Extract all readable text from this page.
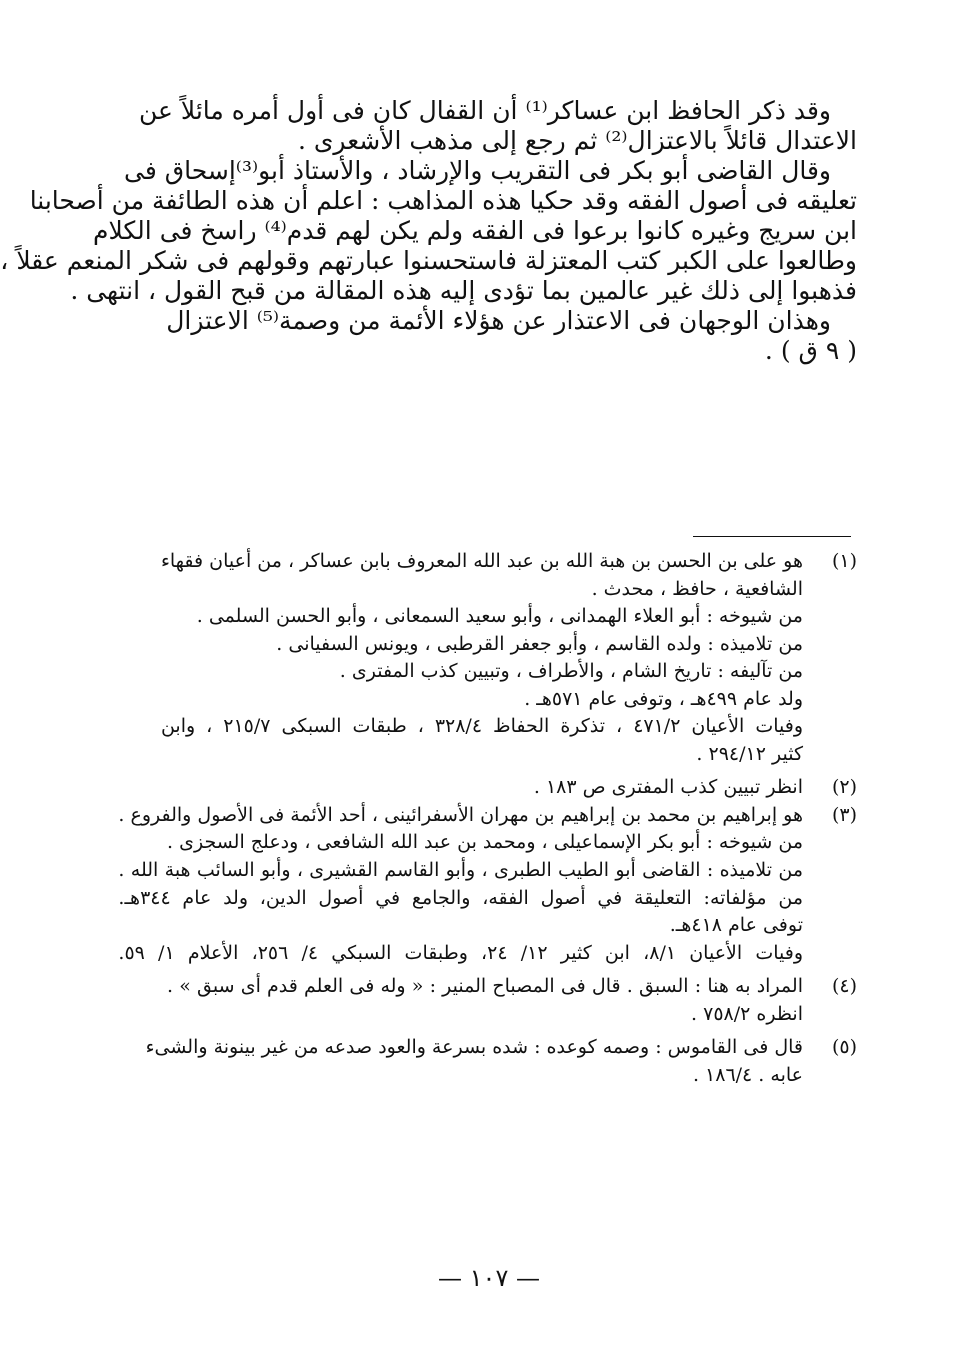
وقد ذكر الحافظ ابن عساكر⁽¹⁾ أن القفال كان فى أول أمره مائلاً عن
الاعتدال قائلاً بالاعتزال⁽²⁾ ثم رجع إلى مذهب الأشعرى .
وقال القاضى أبو بكر فى التقريب والإرشاد ، والأستاذ أبو⁽³⁾إسحاق فى
تعليقه فى أصول الفقه وقد حكيا هذه المذاهب : اعلم أن هذه الطائفة من أصحابنا
ابن سريج وغيره كانوا برعوا فى الفقه ولم يكن لهم قدم⁽⁴⁾ راسخ فى الكلام
وطالعوا على الكبر كتب المعتزلة فاستحسنوا عبارتهم وقولهم فى شكر المنعم عقلاً ،
فذهبوا إلى ذلك غير عالمين بما تؤدى إليه هذه المقالة من قبح القول ، انتهى .
وهذان الوجهان فى الاعتذار عن هؤلاء الأئمة من وصمة⁽⁵⁾ الاعتزال
( ٩ ق ) .
(١)
هو على بن الحسن بن هبة الله بن عبد الله المعروف بابن عساكر ، من أعيان فقهاء
الشافعية ، حافظ ، محدث .
من شيوخه : أبو العلاء الهمدانى ، وأبو سعيد السمعانى ، وأبو الحسن السلمى .
من تلاميذه : ولده القاسم ، وأبو جعفر القرطبى ، ويونس السفيانى .
من تآليفه : تاريخ الشام ، والأطراف ، وتبيين كذب المفترى .
ولد عام ٤٩٩هـ ، وتوفى عام ٥٧١هـ .
وفيات الأعيان ٤٧١/٢ ، تذكرة الحفاظ ٣٢٨/٤ ، طبقات السبكى ٢١٥/٧ ، وابن
كثير ٢٩٤/١٢ .
(٢)
انظر تبيين كذب المفترى ص ١٨٣ .
(٣)
هو إبراهيم بن محمد بن إبراهيم بن مهران الأسفرائينى ، أحد الأئمة فى الأصول والفروع .
من شيوخه : أبو بكر الإسماعيلى ، ومحمد بن عبد الله الشافعى ، ودعلج السجزى .
من تلاميذه : القاضى أبو الطيب الطبرى ، وأبو القاسم القشيرى ، وأبو السائب هبة الله .
من مؤلفاته: التعليقة في أصول الفقه، والجامع في أصول الدين، ولد عام ٣٤٤هـ.
توفى عام ٤١٨هـ.
وفيات الأعيان ٨/١، ابن كثير ١٢/ ٢٤، وطبقات السبكي ٤/ ٢٥٦، الأعلام ١/ ٥٩.
(٤)
المراد به هنا : السبق . قال فى المصباح المنير : « وله فى العلم قدم أى سبق » .
انظره ٧٥٨/٢ .
(٥)
قال فى القاموس : وصمه كوعده : شده بسرعة والعود صدعه من غير بينونة والشىء
عابه . ١٨٦/٤ .
— ١٠٧ —
